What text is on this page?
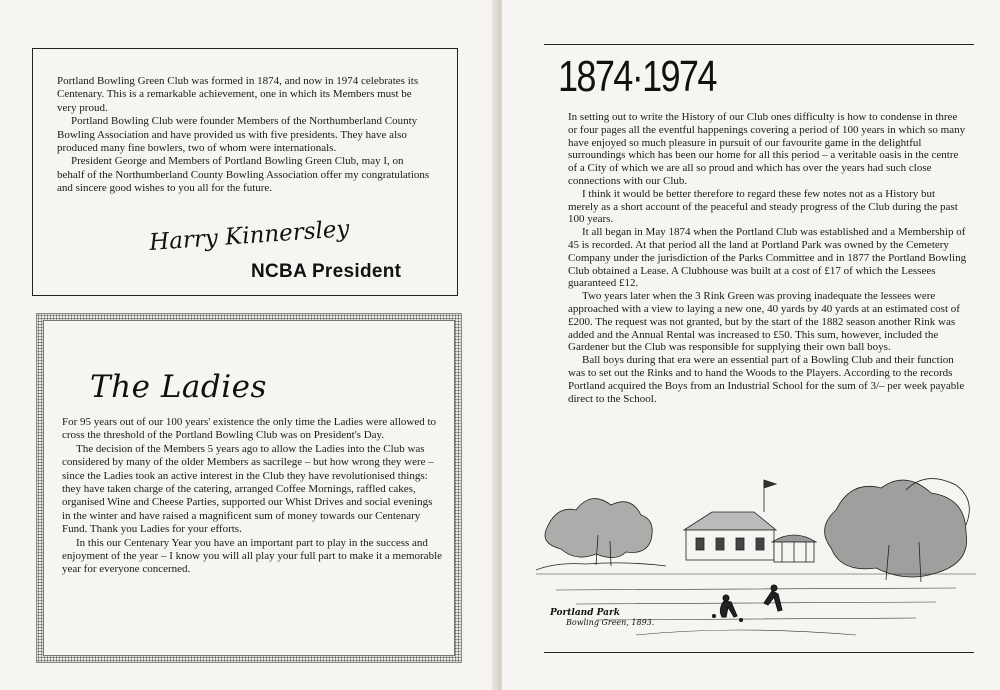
Portland Bowling Green Club was formed in 1874, and now in 1974 celebrates its Centenary. This is a remarkable achievement, one in which its Members must be very proud.

Portland Bowling Club were founder Members of the Northumberland County Bowling Association and have provided us with five presidents. They have also produced many fine bowlers, two of whom were internationals.

President George and Members of Portland Bowling Green Club, may I, on behalf of the Northumberland County Bowling Association offer my congratulations and sincere good wishes to you all for the future.

Harry Kinnersley
NCBA President
The Ladies

For 95 years out of our 100 years' existence the only time the Ladies were allowed to cross the threshold of the Portland Bowling Club was on President's Day.

The decision of the Members 5 years ago to allow the Ladies into the Club was considered by many of the older Members as sacrilege – but how wrong they were – since the Ladies took an active interest in the Club they have revolutionised things: they have taken charge of the catering, arranged Coffee Mornings, raffled cakes, organised Wine and Cheese Parties, supported our Whist Drives and social evenings in the winter and have raised a magnificent sum of money towards our Centenary Fund. Thank you Ladies for your efforts.

In this our Centenary Year you have an important part to play in the success and enjoyment of the year – I know you will all play your full part to make it a memorable year for everyone concerned.

1874·1974

In setting out to write the History of our Club ones difficulty is how to condense in three or four pages all the eventful happenings covering a period of 100 years in which so many have enjoyed so much pleasure in pursuit of our favourite game in the delightful surroundings which has been our home for all this period – a veritable oasis in the centre of a City of which we are all so proud and which has over the years had such close connections with our Club.

I think it would be better therefore to regard these few notes not as a History but merely as a short account of the peaceful and steady progress of the Club during the past 100 years.

It all began in May 1874 when the Portland Club was established and a Membership of 45 is recorded. At that period all the land at Portland Park was owned by the Cemetery Company under the jurisdiction of the Parks Committee and in 1877 the Portland Bowling Club obtained a Lease. A Clubhouse was built at a cost of £17 of which the Lessees guaranteed £12.

Two years later when the 3 Rink Green was proving inadequate the lessees were approached with a view to laying a new one, 40 yards by 40 yards at an estimated cost of £200. The request was not granted, but by the start of the 1882 season another Rink was added and the Annual Rental was increased to £50. This sum, however, included the Gardener but the Club was responsible for supplying their own ball boys.

Ball boys during that era were an essential part of a Bowling Club and their function was to set out the Rinks and to hand the Woods to the Players. According to the records Portland acquired the Boys from an Industrial School for the sum of 3/– per week payable direct to the School.

Portland Park
Bowling Green, 1893.
